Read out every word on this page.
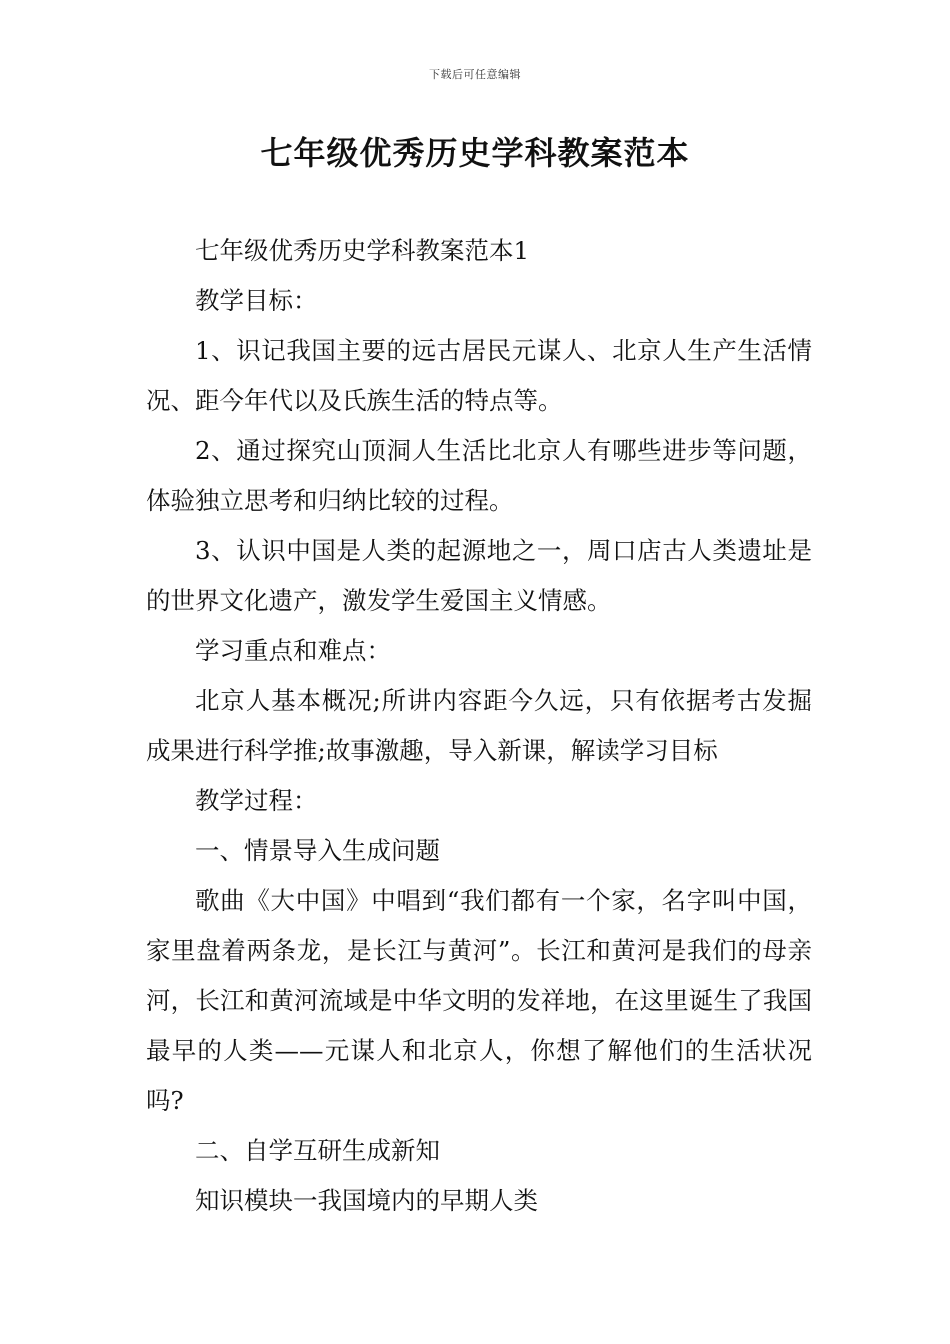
下载后可任意编辑
七年级优秀历史学科教案范本

七年级优秀历史学科教案范本1

教学目标：

1、识记我国主要的远古居民元谋人、北京人生产生活情况、距今年代以及氏族生活的特点等。

2、通过探究山顶洞人生活比北京人有哪些进步等问题，体验独立思考和归纳比较的过程。

3、认识中国是人类的起源地之一，周口店古人类遗址是的世界文化遗产，激发学生爱国主义情感。

学习重点和难点：

北京人基本概况;所讲内容距今久远，只有依据考古发掘成果进行科学推;故事激趣，导入新课，解读学习目标

教学过程：

一、情景导入生成问题

歌曲《大中国》中唱到“我们都有一个家，名字叫中国，家里盘着两条龙，是长江与黄河”。长江和黄河是我们的母亲河，长江和黄河流域是中华文明的发祥地，在这里诞生了我国最早的人类——元谋人和北京人，你想了解他们的生活状况吗?

二、自学互研生成新知

知识模块一我国境内的早期人类
